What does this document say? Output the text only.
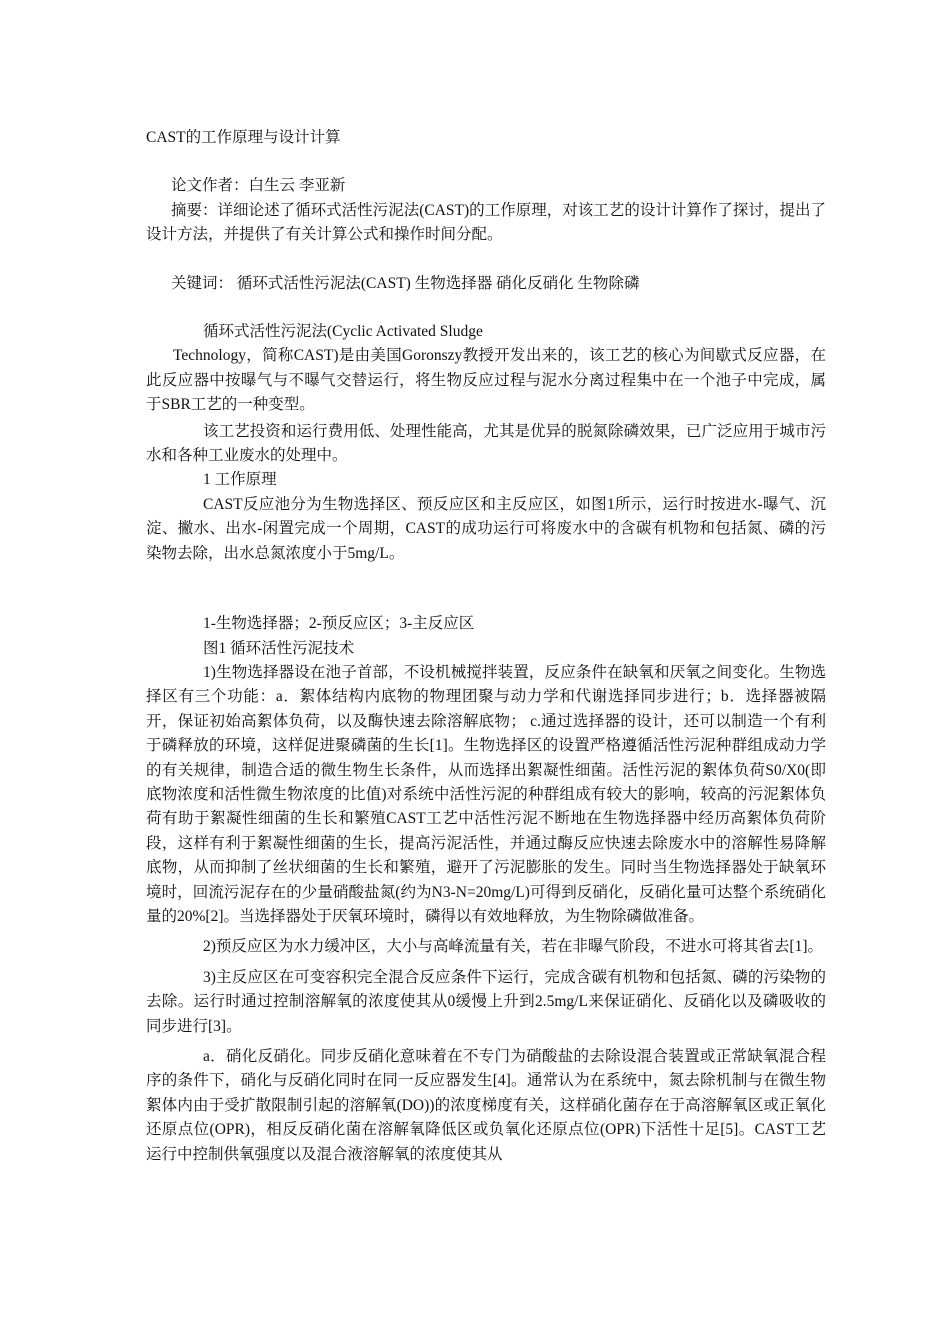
CAST的工作原理与设计计算

论文作者：白生云 李亚新

摘要：详细论述了循环式活性污泥法(CAST)的工作原理，对该工艺的设计计算作了探讨，提出了设计方法，并提供了有关计算公式和操作时间分配。

关键词： 循环式活性污泥法(CAST) 生物选择器 硝化反硝化 生物除磷

循环式活性污泥法(Cyclic Activated Sludge

Technology，简称CAST)是由美国Goronszy教授开发出来的，该工艺的核心为间歇式反应器，在此反应器中按曝气与不曝气交替运行，将生物反应过程与泥水分离过程集中在一个池子中完成，属于SBR工艺的一种变型。

该工艺投资和运行费用低、处理性能高，尤其是优异的脱氮除磷效果，已广泛应用于城市污水和各种工业废水的处理中。

1 工作原理

CAST反应池分为生物选择区、预反应区和主反应区，如图1所示，运行时按进水-曝气、沉淀、撇水、出水-闲置完成一个周期，CAST的成功运行可将废水中的含碳有机物和包括氮、磷的污染物去除，出水总氮浓度小于5mg/L。

1-生物选择器；2-预反应区；3-主反应区

图1 循环活性污泥技术

1)生物选择器设在池子首部，不设机械搅拌装置，反应条件在缺氧和厌氧之间变化。生物选择区有三个功能：a．絮体结构内底物的物理团聚与动力学和代谢选择同步进行；b．选择器被隔开，保证初始高絮体负荷，以及酶快速去除溶解底物； c.通过选择器的设计，还可以制造一个有利于磷释放的环境，这样促进聚磷菌的生长[1]。生物选择区的设置严格遵循活性污泥种群组成动力学的有关规律，制造合适的微生物生长条件，从而选择出絮凝性细菌。活性污泥的絮体负荷S0/X0(即底物浓度和活性微生物浓度的比值)对系统中活性污泥的种群组成有较大的影响，较高的污泥絮体负荷有助于絮凝性细菌的生长和繁殖CAST工艺中活性污泥不断地在生物选择器中经历高絮体负荷阶段，这样有利于絮凝性细菌的生长，提高污泥活性，并通过酶反应快速去除废水中的溶解性易降解底物，从而抑制了丝状细菌的生长和繁殖，避开了污泥膨胀的发生。同时当生物选择器处于缺氧环境时，回流污泥存在的少量硝酸盐氮(约为N3-N=20mg/L)可得到反硝化，反硝化量可达整个系统硝化量的20%[2]。当选择器处于厌氧环境时，磷得以有效地释放，为生物除磷做准备。

2)预反应区为水力缓冲区，大小与高峰流量有关，若在非曝气阶段，不进水可将其省去[1]。

3)主反应区在可变容积完全混合反应条件下运行，完成含碳有机物和包括氮、磷的污染物的去除。运行时通过控制溶解氧的浓度使其从0缓慢上升到2.5mg/L来保证硝化、反硝化以及磷吸收的同步进行[3]。

a．硝化反硝化。同步反硝化意味着在不专门为硝酸盐的去除设混合装置或正常缺氧混合程序的条件下，硝化与反硝化同时在同一反应器发生[4]。通常认为在系统中，氮去除机制与在微生物絮体内由于受扩散限制引起的溶解氧(DO))的浓度梯度有关，这样硝化菌存在于高溶解氧区或正氧化还原点位(OPR)，相反反硝化菌在溶解氧降低区或负氧化还原点位(OPR)下活性十足[5]。CAST工艺运行中控制供氧强度以及混合液溶解氧的浓度使其从
